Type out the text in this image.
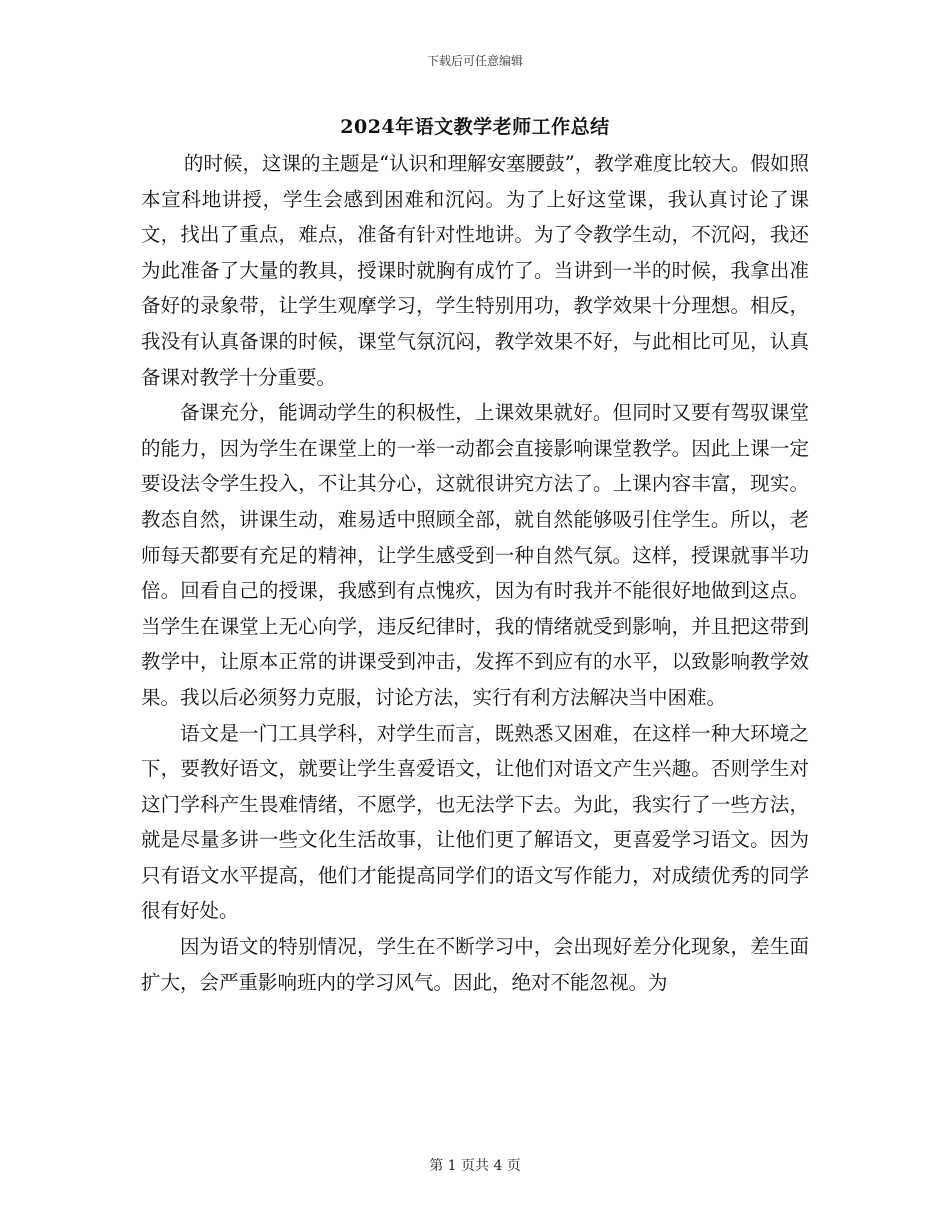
下载后可任意编辑
2024年语文教学老师工作总结

的时候，这课的主题是“认识和理解安塞腰鼓”，教学难度比较大。假如照本宣科地讲授，学生会感到困难和沉闷。为了上好这堂课，我认真讨论了课文，找出了重点，难点，准备有针对性地讲。为了令教学生动，不沉闷，我还为此准备了大量的教具，授课时就胸有成竹了。当讲到一半的时候，我拿出准备好的录象带，让学生观摩学习，学生特别用功，教学效果十分理想。相反，我没有认真备课的时候，课堂气氛沉闷，教学效果不好，与此相比可见，认真备课对教学十分重要。

备课充分，能调动学生的积极性，上课效果就好。但同时又要有驾驭课堂的能力，因为学生在课堂上的一举一动都会直接影响课堂教学。因此上课一定要设法令学生投入，不让其分心，这就很讲究方法了。上课内容丰富，现实。教态自然，讲课生动，难易适中照顾全部，就自然能够吸引住学生。所以，老师每天都要有充足的精神，让学生感受到一种自然气氛。这样，授课就事半功倍。回看自己的授课，我感到有点愧疚，因为有时我并不能很好地做到这点。当学生在课堂上无心向学，违反纪律时，我的情绪就受到影响，并且把这带到教学中，让原本正常的讲课受到冲击，发挥不到应有的水平，以致影响教学效果。我以后必须努力克服，讨论方法，实行有利方法解决当中困难。

语文是一门工具学科，对学生而言，既熟悉又困难，在这样一种大环境之下，要教好语文，就要让学生喜爱语文，让他们对语文产生兴趣。否则学生对这门学科产生畏难情绪，不愿学，也无法学下去。为此，我实行了一些方法，就是尽量多讲一些文化生活故事，让他们更了解语文，更喜爱学习语文。因为只有语文水平提高，他们才能提高同学们的语文写作能力，对成绩优秀的同学很有好处。

因为语文的特别情况，学生在不断学习中，会出现好差分化现象，差生面扩大，会严重影响班内的学习风气。因此，绝对不能忽视。为

第 1 页共 4 页
